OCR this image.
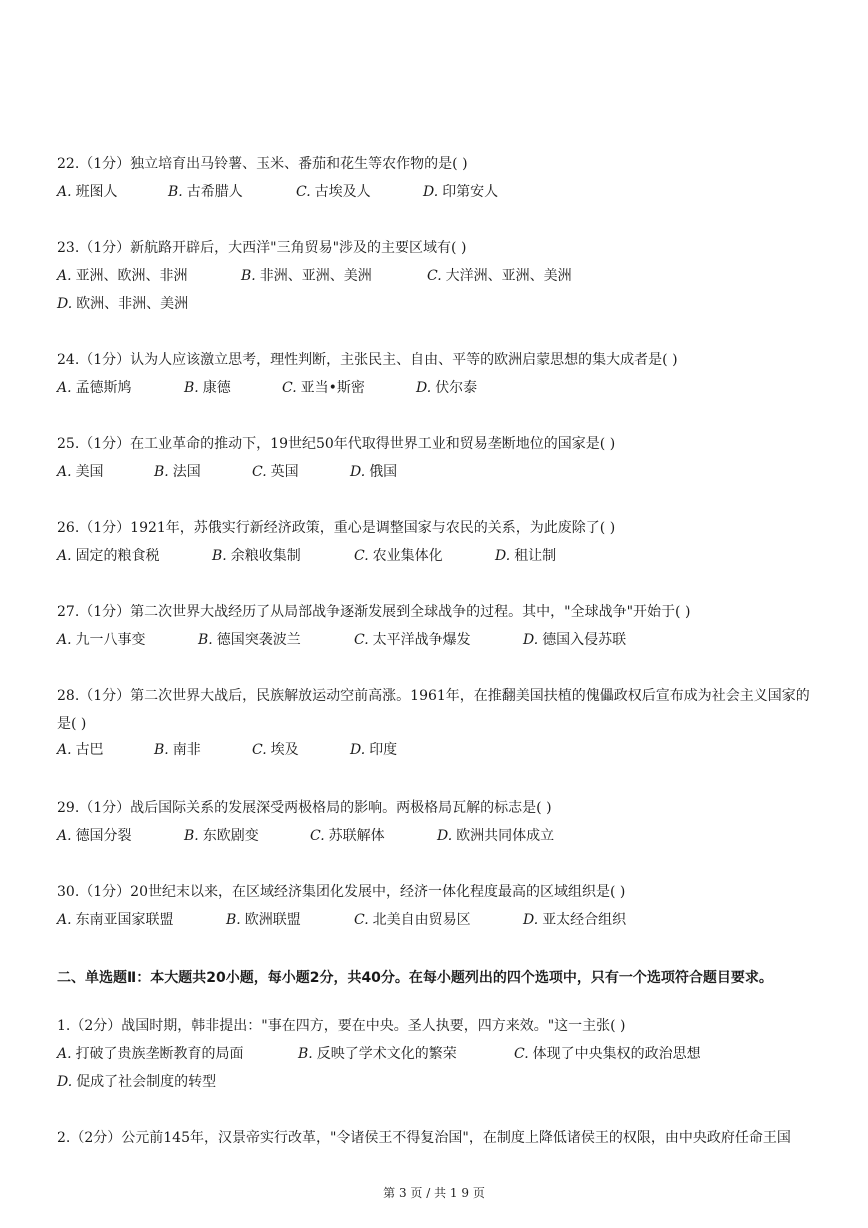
22.（1分）独立培育出马铃薯、玉米、番茄和花生等农作物的是( )
A. 班图人	B. 古希腊人	C. 古埃及人	D. 印第安人
23.（1分）新航路开辟后，大西洋"三角贸易"涉及的主要区域有( )
A. 亚洲、欧洲、非洲	B. 非洲、亚洲、美洲	C. 大洋洲、亚洲、美洲
D. 欧洲、非洲、美洲
24.（1分）认为人应该激立思考，理性判断，主张民主、自由、平等的欧洲启蒙思想的集大成者是( )
A. 孟德斯鸠	B. 康德	C. 亚当•斯密	D. 伏尔泰
25.（1分）在工业革命的推动下，19世纪50年代取得世界工业和贸易垄断地位的国家是( )
A. 美国	B. 法国	C. 英国	D. 俄国
26.（1分）1921年，苏俄实行新经济政策，重心是调整国家与农民的关系，为此废除了( )
A. 固定的粮食税	B. 余粮收集制	C. 农业集体化	D. 租让制
27.（1分）第二次世界大战经历了从局部战争逐渐发展到全球战争的过程。其中，"全球战争"开始于( )
A. 九一八事变	B. 德国突袭波兰	C. 太平洋战争爆发	D. 德国入侵苏联
28.（1分）第二次世界大战后，民族解放运动空前高涨。1961年，在推翻美国扶植的傀儡政权后宣布成为社会主义国家的是( )
A. 古巴	B. 南非	C. 埃及	D. 印度
29.（1分）战后国际关系的发展深受两极格局的影响。两极格局瓦解的标志是( )
A. 德国分裂	B. 东欧剧变	C. 苏联解体	D. 欧洲共同体成立
30.（1分）20世纪末以来，在区域经济集团化发展中，经济一体化程度最高的区域组织是( )
A. 东南亚国家联盟	B. 欧洲联盟	C. 北美自由贸易区	D. 亚太经合组织
二、单选题Ⅱ：本大题共20小题，每小题2分，共40分。在每小题列出的四个选项中，只有一个选项符合题目要求。
1.（2分）战国时期，韩非提出："事在四方，要在中央。圣人执要，四方来效。"这一主张( )
A. 打破了贵族垄断教育的局面	B. 反映了学术文化的繁荣	C. 体现了中央集权的政治思想
D. 促成了社会制度的转型
2.（2分）公元前145年，汉景帝实行改革，"令诸侯王不得复治国"，在制度上降低诸侯王的权限，由中央政府任命王国
第 3 页 / 共 1 9 页
